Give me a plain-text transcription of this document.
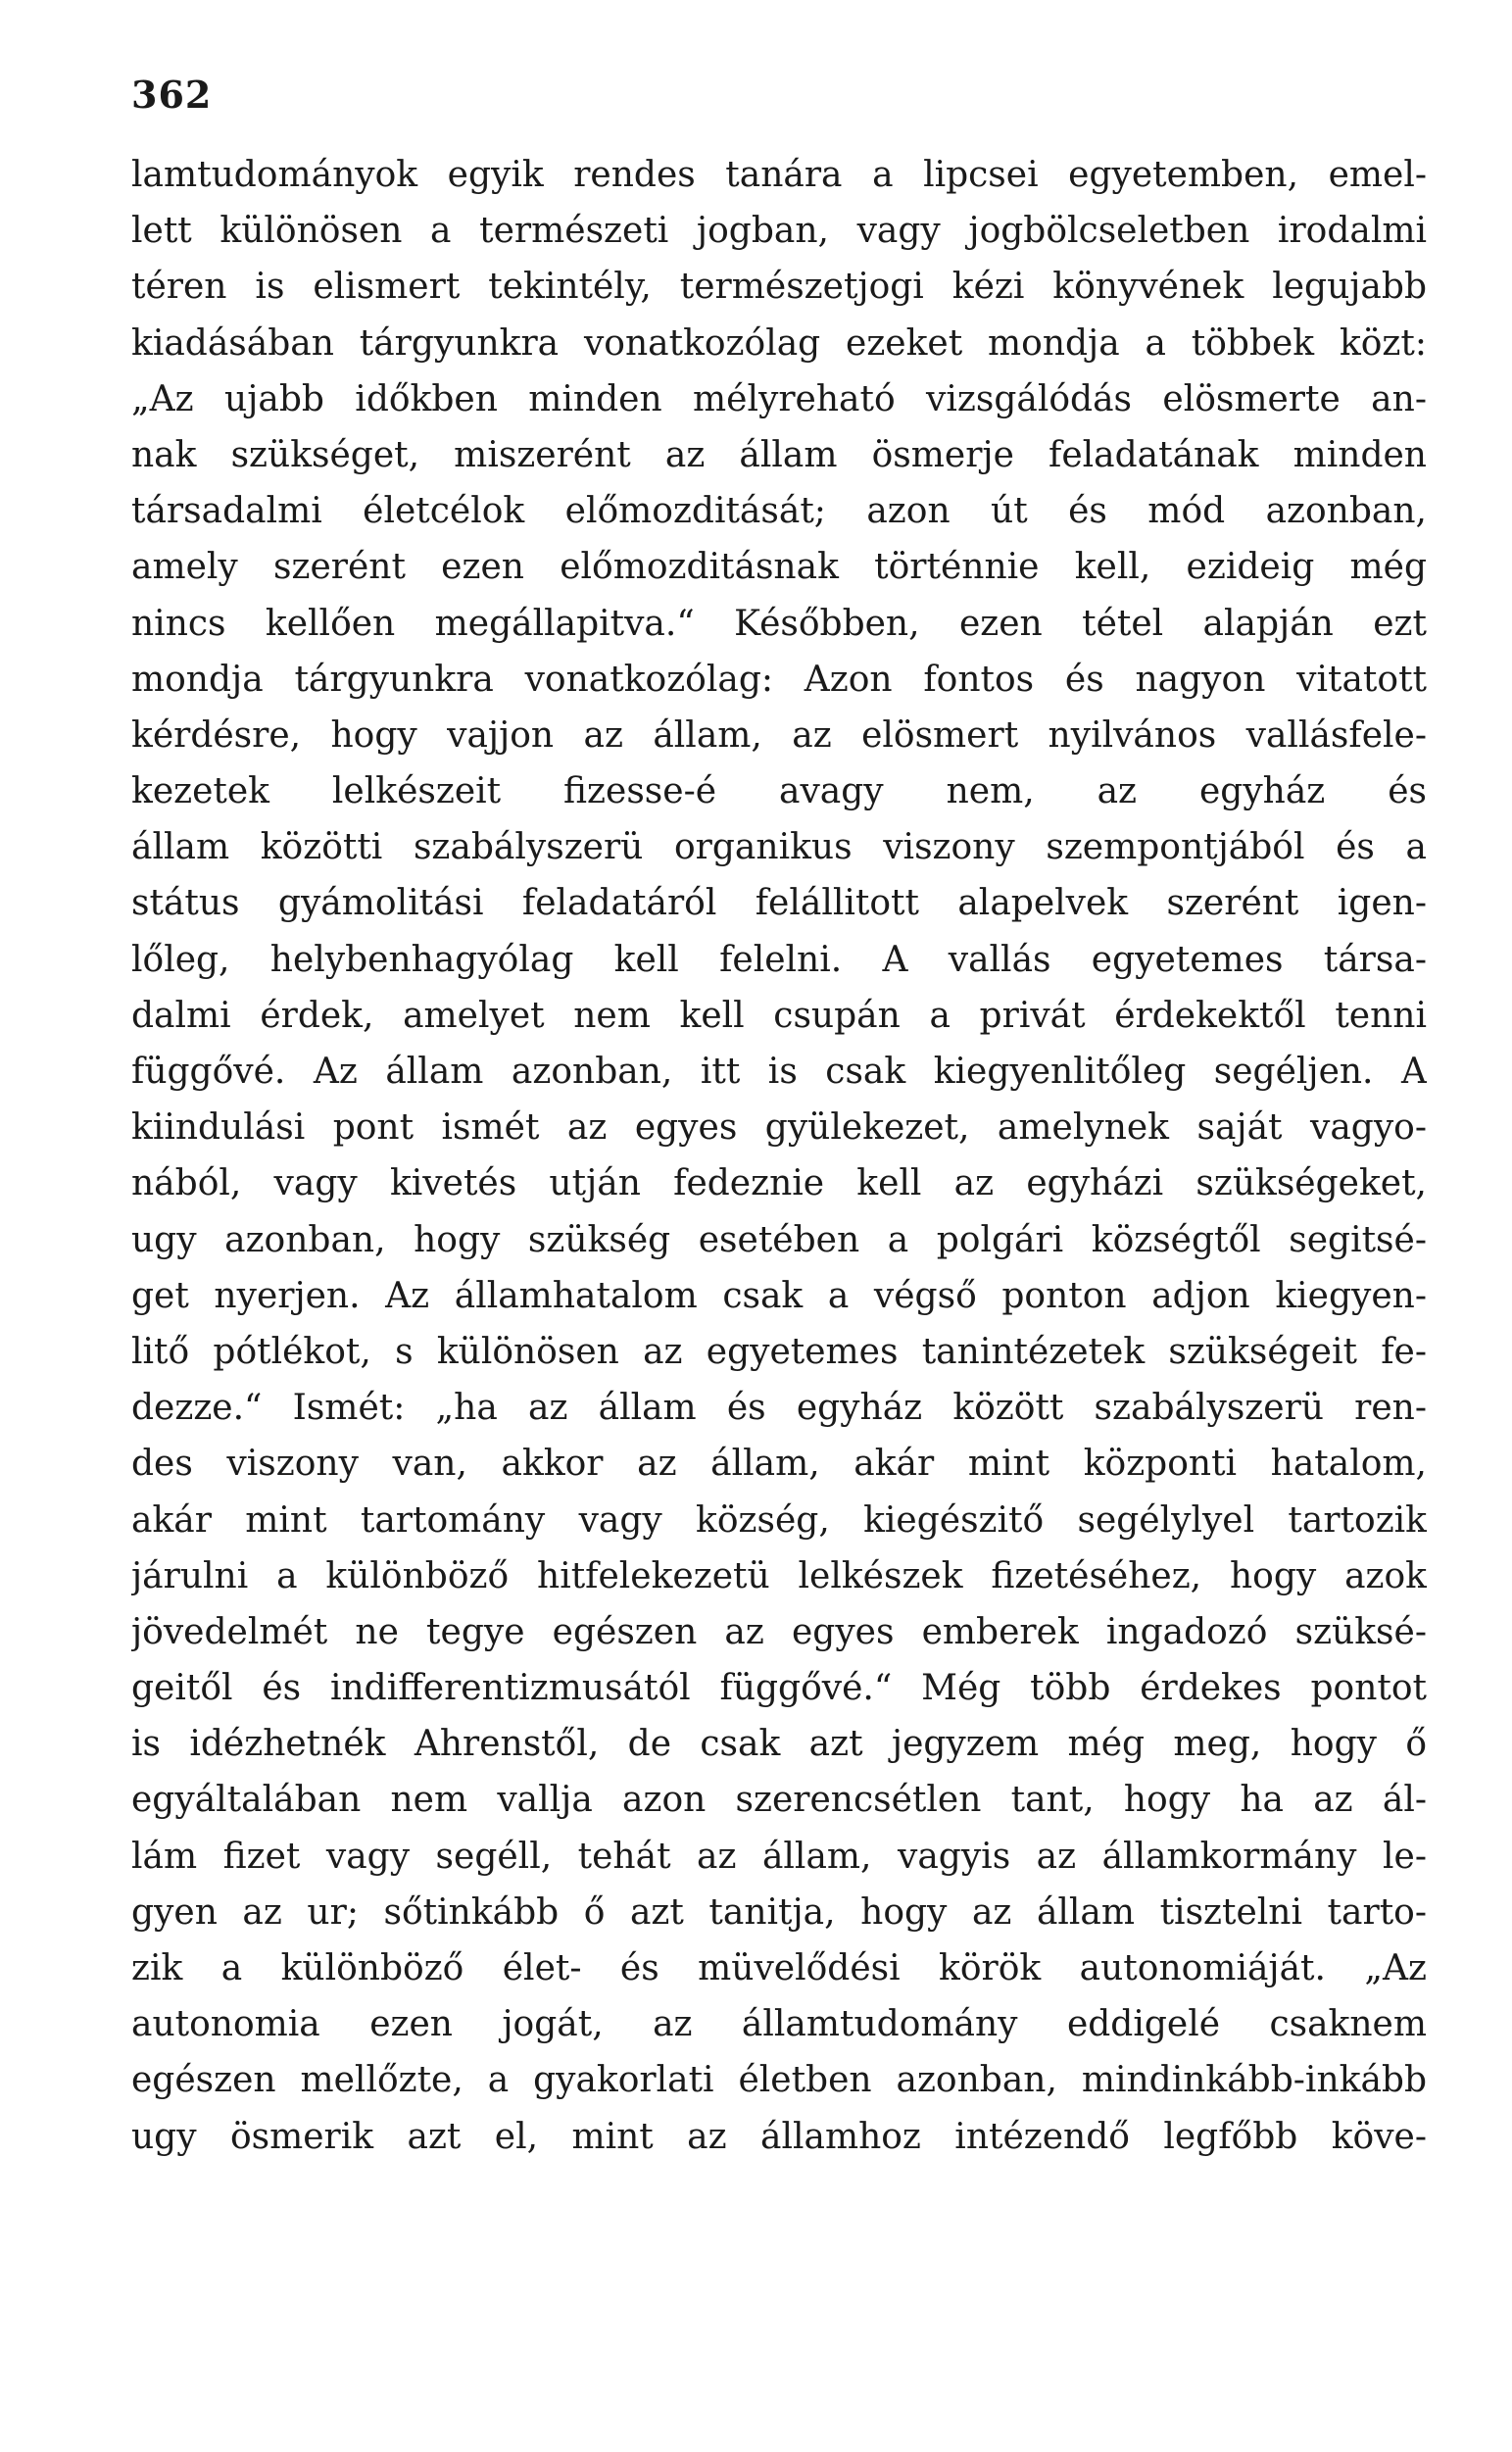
362
lamtudományok egyik rendes tanára a lipcsei egyetemben, emel-
lett különösen a természeti jogban, vagy jogbölcseletben irodalmi
téren is elismert tekintély, természetjogi kézi könyvének legujabb
kiadásában tárgyunkra vonatkozólag ezeket mondja a többek közt:
„Az ujabb időkben minden mélyreható vizsgálódás elösmerte an-
nak szükséget, miszerént az állam ösmerje feladatának minden
társadalmi életcélok előmozditását; azon út és mód azonban,
amely szerént ezen előmozditásnak történnie kell, ezideig még
nincs kellően megállapitva.“ Későbben, ezen tétel alapján ezt
mondja tárgyunkra vonatkozólag: Azon fontos és nagyon vitatott
kérdésre, hogy vajjon az állam, az elösmert nyilvános vallásfele-
kezetek lelkészeit fizesse-é avagy nem, az egyház és
állam közötti szabályszerü organikus viszony szempontjából és a
státus gyámolitási feladatáról felállitott alapelvek szerént igen-
lőleg, helybenhagyólag kell felelni. A vallás egyetemes társa-
dalmi érdek, amelyet nem kell csupán a privát érdekektől tenni
függővé. Az állam azonban, itt is csak kiegyenlitőleg segéljen. A
kiindulási pont ismét az egyes gyülekezet, amelynek saját vagyo-
nából, vagy kivetés utján fedeznie kell az egyházi szükségeket,
ugy azonban, hogy szükség esetében a polgári községtől segitsé-
get nyerjen. Az államhatalom csak a végső ponton adjon kiegyen-
litő pótlékot, s különösen az egyetemes tanintézetek szükségeit fe-
dezze.“ Ismét: „ha az állam és egyház között szabályszerü ren-
des viszony van, akkor az állam, akár mint központi hatalom,
akár mint tartomány vagy község, kiegészitő segélylyel tartozik
járulni a különböző hitfelekezetü lelkészek fizetéséhez, hogy azok
jövedelmét ne tegye egészen az egyes emberek ingadozó szüksé-
geitől és indifferentizmusától függővé.“ Még több érdekes pontot
is idézhetnék Ahrenstől, de csak azt jegyzem még meg, hogy ő
egyáltalában nem vallja azon szerencsétlen tant, hogy ha az ál-
lám fizet vagy segéll, tehát az állam, vagyis az államkormány le-
gyen az ur; sőtinkább ő azt tanitja, hogy az állam tisztelni tarto-
zik a különböző élet- és müvelődési körök autonomiáját. „Az
autonomia ezen jogát, az államtudomány eddigelé csaknem
egészen mellőzte, a gyakorlati életben azonban, mindinkább-inkább
ugy ösmerik azt el, mint az államhoz intézendő legfőbb köve-
